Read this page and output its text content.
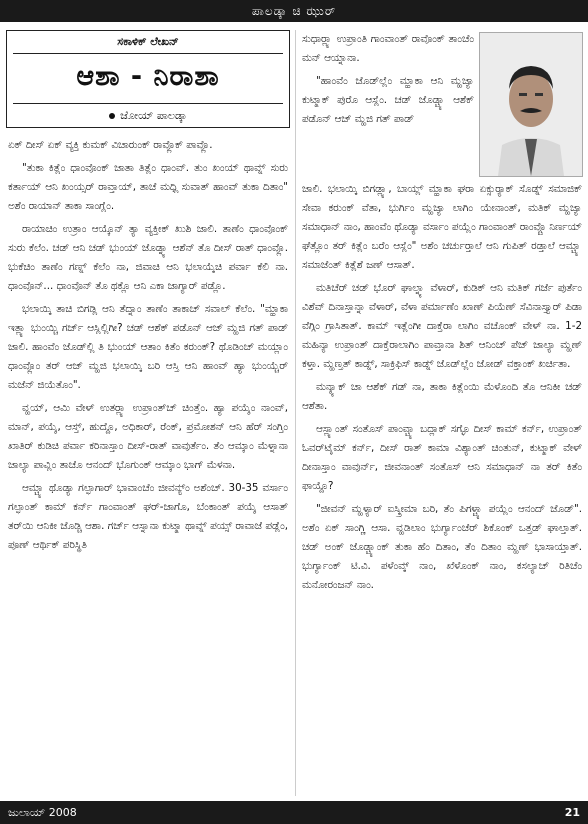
ಪಾಲಡ್ಕಾ ಚಿ ಝುರ್
ಸಕಾಳಿಕ್ ಲೇಖನ್
ಆಶಾ - ನಿರಾಶಾ
ಜೋಯ್ ಪಾಲಡ್ಕಾ

ಏಕ್ ದೀಸ್ ಏಕ್ ವ್ಯಕ್ತಿ ಕುಮಕ್ ವಿಚಾರುಂಕ್ ರಾವ್ಲೊಕ್ ಪಾವ್ಲೊ.

"ತುಕಾ ಕಿತ್ಲೆಂ ಧಾಂವೊಂಕ್ ಜಾತಾ ತಿತ್ಲೆಂ ಧಾಂವ್. ತುಂ ಖಂಯ್ ಥಾವ್ನ್ ಸುರು ಕರ್ತಾಯ್ ಆನಿ ಖಂಯ್ಸರ್ ರಾವ್ತಾಯ್, ತಾಚೆ ಮಧ್ಲಿ ಸುವಾತ್ ಹಾಂವ್ ತುಕಾ ದಿತಾಂ" ಅಶೆಂ ರಾಯಾನ್ ತಾಕಾ ಸಾಂಗ್ಲೆಂ.

ರಾಯಾಚಿಂ ಉತ್ರಾಂ ಆಯ್ಕೊನ್ ತ್ಯಾ ವ್ಯಕ್ತೀಕ್ ಖುಶಿ ಜಾಲಿ. ತಾಣೆಂ ಧಾಂವೊಂಕ್ ಸುರು ಕೆಲೆಂ. ಚಡ್ ಆನಿ ಚಡ್ ಭುಂಯ್ ಜೊಡ್ನ್ಯಾ ಆಶೆನ್ ತೊ ದೀಸ್ ರಾತ್ ಧಾಂವ್ಲೊ. ಭುಕೆಚಿಂ ತಾಣೆಂ ಗಣ್ನ್ ಕೆಲೆಂ ನಾ, ಜಿವಾಚಿ ಆನಿ ಭಲಾಯ್ಕೆಚಿ ಪರ್ವಾ ಕೆಲಿ ನಾ. ಧಾಂವೊನ್... ಧಾಂವೊನ್ ತೊ ಥಕ್ಲೊ ಆನಿ ಎಕಾ ಜಾಗ್ಯಾರ್ ಪಡ್ಲೊ.

ಭಲಾಯ್ಕಿ ತಾಚಿ ಬಿಗಡ್ಲಿ ಆನಿ ತೆದ್ನಾಂ ತಾಣೆಂ ತಾಕಾಚ್ ಸವಾಲ್ ಕೆಲೆಂ. "ಮ್ಹಾಕಾ ಇತ್ಲ್ಯಾ ಭುಂಯ್ಚಿ ಗರ್ಜ್ ಆಸ್ಲಿಲ್ಲಿಗೀ? ಚಡ್ ಆಶೆಕ್ ಪಡೊನ್ ಆಜ್ ಮ್ಹಜಿ ಗತ್ ಪಾಡ್ ಜಾಲಿ. ಹಾಂವೆಂ ಜೊಡ್‌ಲ್ಲಿ ತಿ ಭುಂಯ್ ಆತಾಂ ಕಿತೆಂ ಕರುಂಕ್? ಥೊಡಿಂಚ್ ಮಯ್ಲಾಂ ಧಾಂವ್ಲೊಂ ತರ್ ಆಜ್ ಮ್ಹಜಿ ಭಲಾಯ್ಕಿ ಬರಿ ಆಸ್ತಿ ಆನಿ ಹಾಂವ್ ಹ್ಯಾ ಭುಂಯ್ಚೆರ್ ಮಜೆನ್ ಜಿಯೆತೊಂ".

ವ್ಹಯ್, ಆಮಿ ವೇಳ್ ಉತರ್‍ಲ್ಯಾ ಉಪ್ರಾಂತ್‌ಚ್ ಚಿಂತ್ತೆಂ. ಹ್ಯಾ ಪಯ್ಶೆಂ ನಾಂವ್, ಮಾನ್, ಪಯ್ಶೆ, ಆಸ್ತ್, ಹುದ್ದೊ, ಅಧಿಕಾರ್, ರೆಂಕ್, ಪ್ರಮೋಶನ್ ಆನಿ ಹೆರ್ ಸಂಗ್ತಿಂ ಖಾತಿರ್ ಕುಡಿಚಿ ಪರ್ವಾ ಕರಿನಾಸ್ತಾಂ ದೀಸ್-ರಾತ್ ವಾವುರ್ತೆಂ. ತೆಂ ಆಮ್ಕಾಂ ಮೆಳ್ನಾನಾ ಜಾಲ್ಯಾ ಪಾವ್ಲಿಂ ತಾಚೊ ಆನಂದ್ ಭೊಗುಂಕ್ ಆಮ್ಕಾಂ ಭಾಗ್ ಮೆಳನಾ.

ಆಮ್ಚ್ಯಾ ಥೊಡ್ಯಾ ಗಲ್ಫಾಗಾರ್ ಭಾವಾಂಚೆಂ ಜೀವನ್ಯ್ಂ ಅಶೆಂಚ್. 30-35 ವರ್ಸಾಂ ಗಲ್ಫಾಂತ್ ಕಾಮ್ ಕರ್ನ್ ಗಾಂವಾಂತ್ ಘರ್-ಜಾಗೊ, ಬೆಂಕಾಂತ್ ಪಯ್ಶೆ ಆಸಾತ್ ತರ್‌ಯಿ ಆನಿಕೀ ಜೊಡ್ಚಿ ಆಶಾ. ಗರ್ಜ್ ಆಸ್ನಾನಾ ಕುಟ್ಮಾ ಥಾವ್ನ್ ಪಯ್ಸ್ ರಾವಾಜೆ ಪಡ್ಲೆಂ, ಪೂಣ್ ಆರ್ಥಿಕ್ ಪರಿಸ್ಥಿತಿ

ಸುಧಾರ್‍ಲ್ಯಾ ಉಪ್ರಾಂತಿ ಗಾಂವಾಂತ್ ರಾವೊಂಕ್ ತಾಂಚೆಂ ಮನ್ ಆಯ್ನಾನಾ.

"ಹಾಂವೆಂ ಜೊಡ್‌ಲ್ಲೆಂ ಮ್ಹಾಕಾ ಆನಿ ಮ್ಹಜ್ಯಾ ಕುಟ್ಮಾಕ್ ಪುರೊ ಆಸ್ಲೆಂ. ಚಡ್ ಜೊಡ್ಚ್ಯಾ ಆಶೆಕ್ ಪಡೊನ್ ಆಜ್ ಮ್ಹಜಿ ಗತ್ ಪಾಡ್

ಜಾಲಿ. ಭಲಾಯ್ಕಿ ಬಿಗಡ್ಲ್ಯಾ, ಬಾಯ್ಲ್ ಮ್ಹಾಕಾ ಘರಾ ಏಕ್ಸುರ್‍ಯಾಕ್ ಸೊಡ್ನ್ ಸಮಾಜಿಕ್ ಸೇವಾ ಕರುಂಕ್ ವೆತಾ, ಭುರ್ಗಿಂ ಮ್ಹಜ್ಯಾ ಲಾಗಿಂ ಯೇನಾಂತ್, ಮತಿಕ್ ಮ್ಹಜ್ಯಾ ಸಮಾಧಾನ್ ನಾಂ, ಹಾಂವೆಂ ಥೊಡ್ಯಾ ವರ್ಸಾಂ ಪಯ್ಲೆಂ ಗಾಂವಾಂತ್ ರಾಂವ್ಚೊ ನಿರ್ಣಯ್ ಘೆತ್ಲೊಂ ತರ್ ಕಿತ್ಲೆಂ ಬರೆಂ ಆಸ್ಲೆಂ" ಅಶೆಂ ಚರ್ಚುರ್‍ತಾಲೆ ಆನಿ ಗುಪಿತ್ ರಡ್ತಾಲೆ ಆಮ್ಚ್ಯಾ ಸಮಾಜೆಂತ್ ಕಿತ್ಲೆಶೆ ಜಣ್ ಆಸಾತ್.

ಮತಿಚೆರ್ ಚಡ್ ಭೊರ್ ಘಾಲ್ನ್ಯಾ ವೆಳಾರ್, ಕುಡಿಕ್ ಆನಿ ಮತಿಕ್ ಗರ್ಜೆ ಪುರ್ತೆಂ ವಿಶೆವ್ ದಿನಾಸ್ತಾನ್ನಾ ವೆಳಾರ್, ವೆಳಾ ಪರ್ಮಾಣೆಂ ಖಾಣ್ ಪಿಯೆಣ್ ಸೆವಿನಾಸ್ತ್ಯಾರ್ ಪಿಡಾ ವೆಗ್ಗಿಂ ಗ್ರಾಸಿತಾತ್. ಕಾಮ್ ಇತ್ಲೆಂಗೀ ದಾಕ್ತೆರಾ ಲಾಗಿಂ ವಚೊಂಕ್ ವೇಳ್ ನಾ. 1-2 ಮಹಿನ್ಯಾ ಉಪ್ರಾಂತ್ ದಾಕ್ತೆರಾಲಾಗಿಂ ಪಾವ್ತಾನಾ ಶಿತ್ ಆನಿಂಚ್ ಪೆಜ್ ಜಾಲ್ಯಾ ಮ್ಹಣ್ ಕಳ್ತಾ. ಮ್ಹಣ್ತತ್ ಕಾಡ್ನ್, ಸಾಕ್ರಿಫಿಸ್ ಕಾಡ್ನ್ ಜೊಡ್‌ಲ್ಲೆಂ ಜೋಡ್ ವಕ್ತಾಂಕ್ ಖರ್ಚಿತಾ.

ಮನ್ಶ್ಯಾಕ್ ಚಾ ಆಶೆಕ್ ಗಡ್ ನಾ, ತಾಕಾ ಕಿತ್ಲೆಂಯಿ ಮೆಳೊಂದಿ ತೊ ಆನಿಕೀ ಚಡ್ ಆಶೆತಾ.

ಆಸ್ಲ್ಯಾಂತ್ ಸಂತೊಸ್ ಪಾಂವ್ಚ್ಯಾ ಬದ್ಲಾಕ್ ಸಗ್ಳೊ ದೀಸ್ ಕಾಮ್ ಕರ್ನ್, ಉಪ್ರಾಂತ್ ಓವರ್‌ಟೈಮ್ ಕರ್ನ್, ದೀಸ್ ರಾತ್ ಕಾಮಾ ವಿಶ್ಯಾಂತ್ ಚಿಂತುನ್, ಕುಟ್ಮಾಕ್ ವೇಳ್ ದೀನಾಸ್ತಾಂ ವಾವುರ್ನ್, ಜೀವನಾಂತ್ ಸಂತೊಸ್ ಆನಿ ಸಮಾಧಾನ್ ನಾ ತರ್ ಕಿತೆಂ ಫಾಯ್ದೊ?

"ಜೀವನ್ ಮ್ಹಳ್ಯಾರ್ ಐಸ್ಕ್ರೀಮಾ ಬರಿ, ತೆಂ ಪಿಗಳ್ಚ್ಯಾ ಪಯ್ಲೆಂ ಆನಂದ್ ಜೊಡ್". ಅಶೆಂ ಏಕ್ ಸಾಂಗ್ಣಿ ಆಸಾ. ವ್ಹಡಿಲಾಂ ಭುರ್ಗ್ಯಾಂಚೆರ್ ಶಿಕೊಂಕ್ ಒತ್ತಡ್ ಘಾಲ್ತಾತ್. ಚಡ್ ಅಂಕ್ ಜೊಡ್ಚ್ಯಾಂಕ್ ತುಕಾ ಹೆಂ ದಿತಾಂ, ತೆಂ ದಿತಾಂ ಮ್ಹಣ್ ಭಾಸಾಯ್ತಾತ್. ಭುರ್ಗ್ಯಾಂಕ್ ಟಿ.ವಿ. ಪಳೆಂವ್ಕ್ ನಾಂ, ಖೆಳೊಂಕ್ ನಾಂ, ಕಸಲ್ಯಾಚ್ ರಿತಿಚೆಂ ಮನೋರಂಜನ್ ನಾಂ.

ಜುಲಾಯ್ 2008	21
